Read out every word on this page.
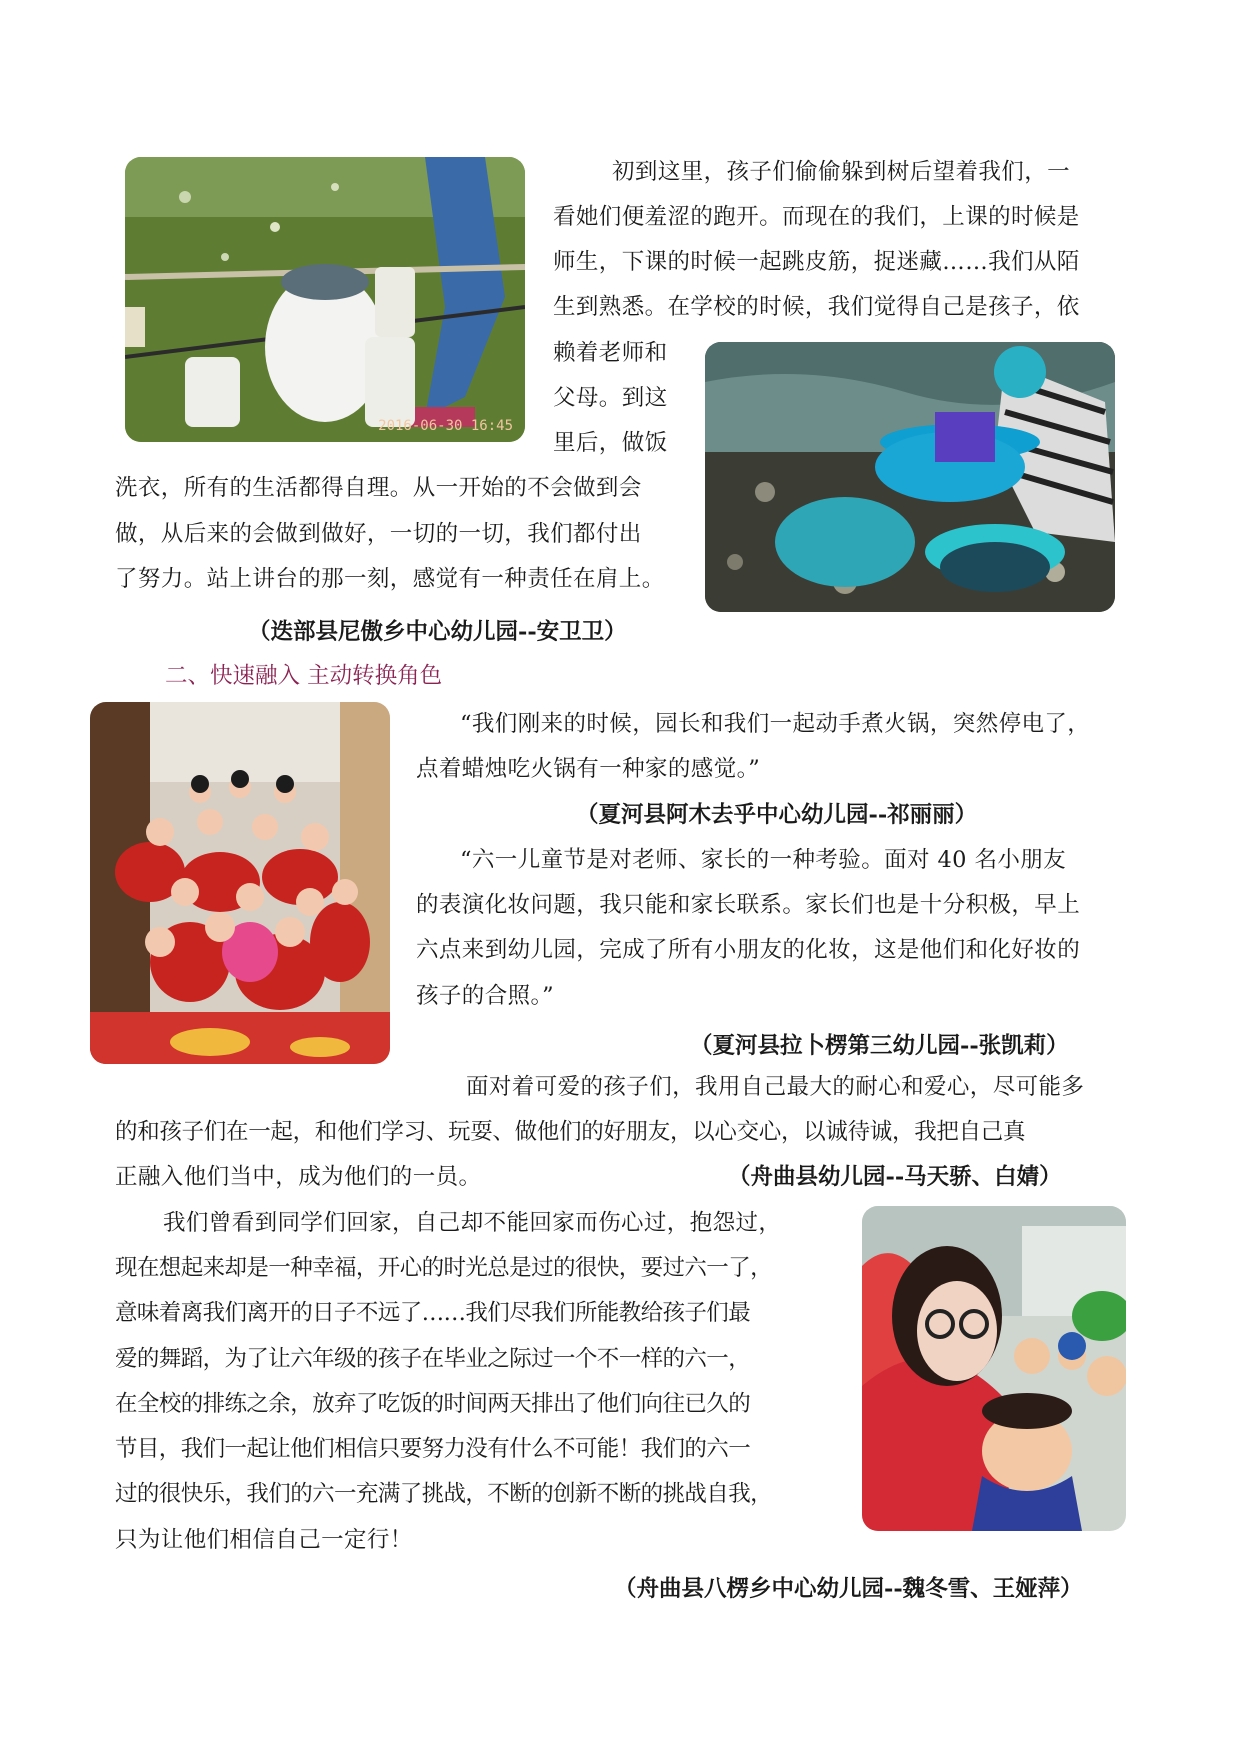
2016-06-30 16:45
初到这里，孩子们偷偷躲到树后望着我们，一
看她们便羞涩的跑开。而现在的我们，上课的时候是
师生，下课的时候一起跳皮筋，捉迷藏……我们从陌
生到熟悉。在学校的时候，我们觉得自己是孩子，依
赖着老师和
父母。到这
里后，做饭
洗衣，所有的生活都得自理。从一开始的不会做到会
做，从后来的会做到做好，一切的一切，我们都付出
了努力。站上讲台的那一刻，感觉有一种责任在肩上。
（迭部县尼傲乡中心幼儿园--安卫卫）
二、快速融入 主动转换角色
“我们刚来的时候，园长和我们一起动手煮火锅，突然停电了，
点着蜡烛吃火锅有一种家的感觉。”
（夏河县阿木去乎中心幼儿园--祁丽丽）
“六一儿童节是对老师、家长的一种考验。面对 40 名小朋友
的表演化妆问题，我只能和家长联系。家长们也是十分积极，早上
六点来到幼儿园，完成了所有小朋友的化妆，这是他们和化好妆的
孩子的合照。”
（夏河县拉卜楞第三幼儿园--张凯莉）
面对着可爱的孩子们，我用自己最大的耐心和爱心，尽可能多
的和孩子们在一起，和他们学习、玩耍、做他们的好朋友，以心交心，以诚待诚，我把自己真
正融入他们当中，成为他们的一员。	（舟曲县幼儿园--马天骄、白婧）
我们曾看到同学们回家，自己却不能回家而伤心过，抱怨过，
现在想起来却是一种幸福，开心的时光总是过的很快，要过六一了，
意味着离我们离开的日子不远了……我们尽我们所能教给孩子们最
爱的舞蹈，为了让六年级的孩子在毕业之际过一个不一样的六一，
在全校的排练之余，放弃了吃饭的时间两天排出了他们向往已久的
节目，我们一起让他们相信只要努力没有什么不可能！我们的六一
过的很快乐，我们的六一充满了挑战，不断的创新不断的挑战自我，
只为让他们相信自己一定行！
（舟曲县八楞乡中心幼儿园--魏冬雪、王娅萍）
